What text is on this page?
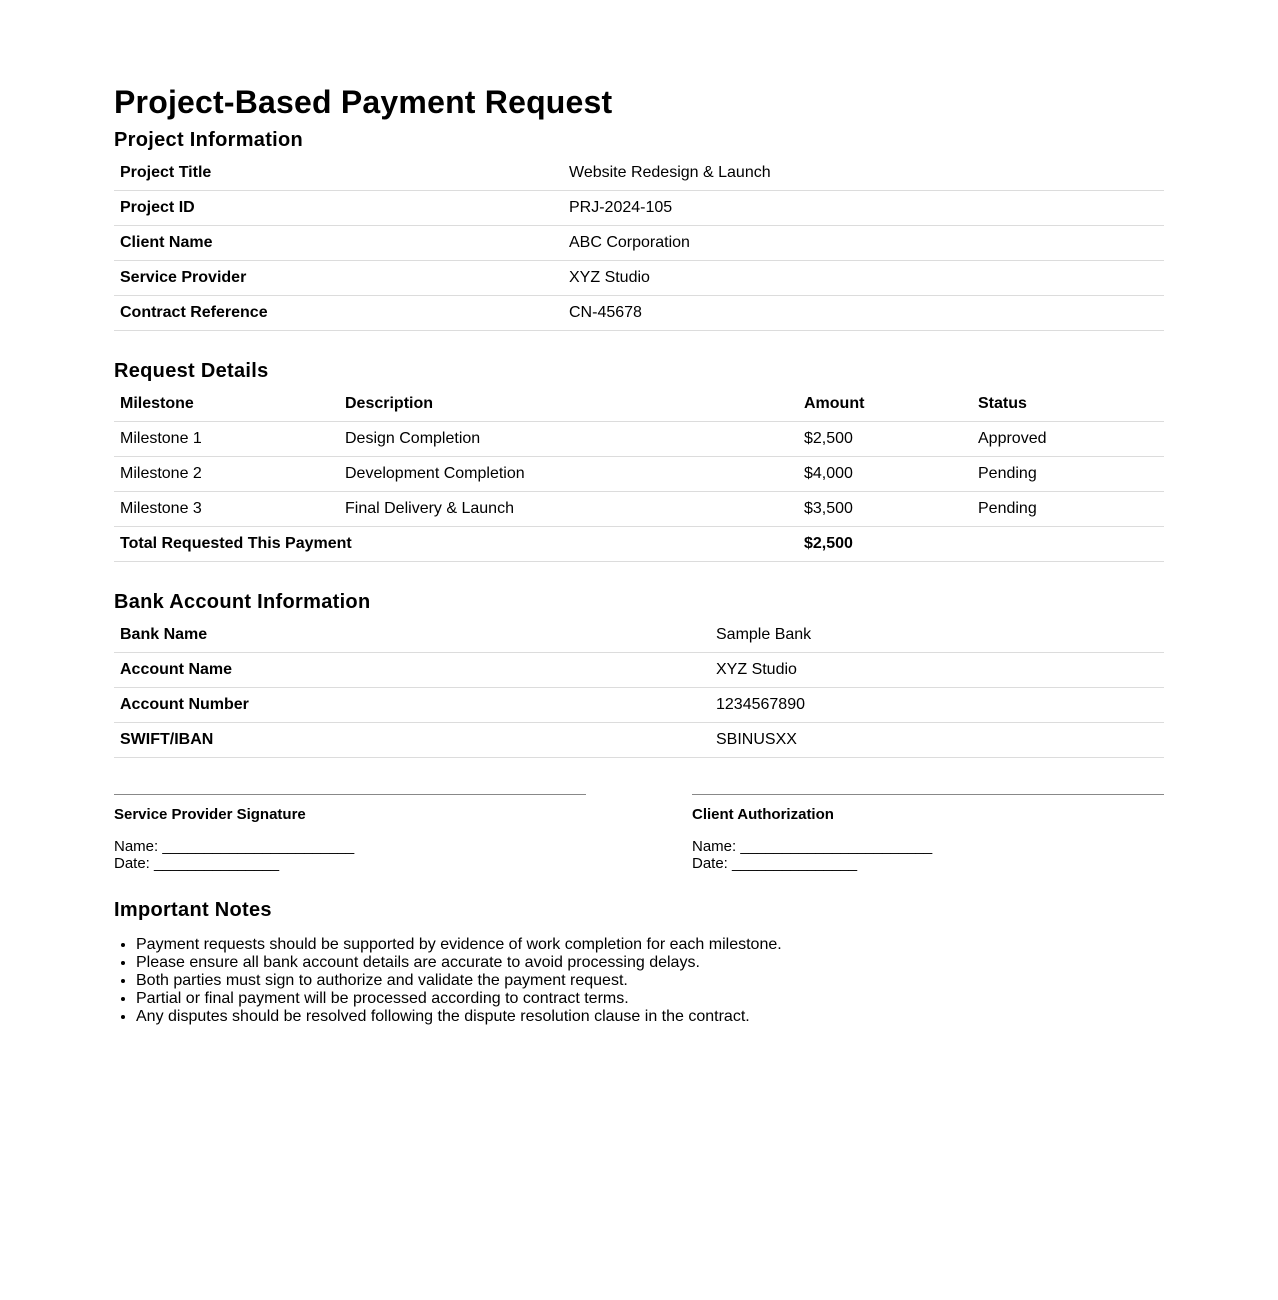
Project-Based Payment Request
Project Information
Project Title	Website Redesign & Launch
Project ID	PRJ-2024-105
Client Name	ABC Corporation
Service Provider	XYZ Studio
Contract Reference	CN-45678
Request Details
Milestone	Description	Amount	Status
Milestone 1	Design Completion	$2,500	Approved
Milestone 2	Development Completion	$4,000	Pending
Milestone 3	Final Delivery & Launch	$3,500	Pending
Total Requested This Payment		$2,500	
Bank Account Information
Bank Name	Sample Bank
Account Name	XYZ Studio
Account Number	1234567890
SWIFT/IBAN	SBINUSXX
Service Provider Signature
Name: _______________________
Date: _______________
Client Authorization
Name: _______________________
Date: _______________
Important Notes
• Payment requests should be supported by evidence of work completion for each milestone.
• Please ensure all bank account details are accurate to avoid processing delays.
• Both parties must sign to authorize and validate the payment request.
• Partial or final payment will be processed according to contract terms.
• Any disputes should be resolved following the dispute resolution clause in the contract.
